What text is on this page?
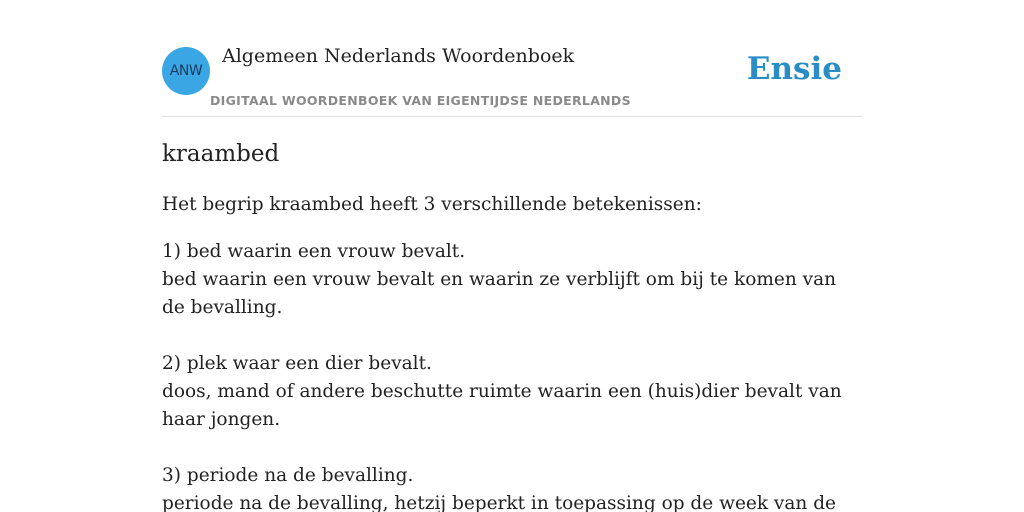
ANW
Algemeen Nederlands Woordenboek
DIGITAAL WOORDENBOEK VAN EIGENTIJDSE NEDERLANDS
Ensie
kraambed

Het begrip kraambed heeft 3 verschillende betekenissen:

1) bed waarin een vrouw bevalt.

bed waarin een vrouw bevalt en waarin ze verblijft om bij te komen van de bevalling.

2) plek waar een dier bevalt.

doos, mand of andere beschutte ruimte waarin een (huis)dier bevalt van haar jongen.

3) periode na de bevalling.

periode na de bevalling, hetzij beperkt in toepassing op de week van de
